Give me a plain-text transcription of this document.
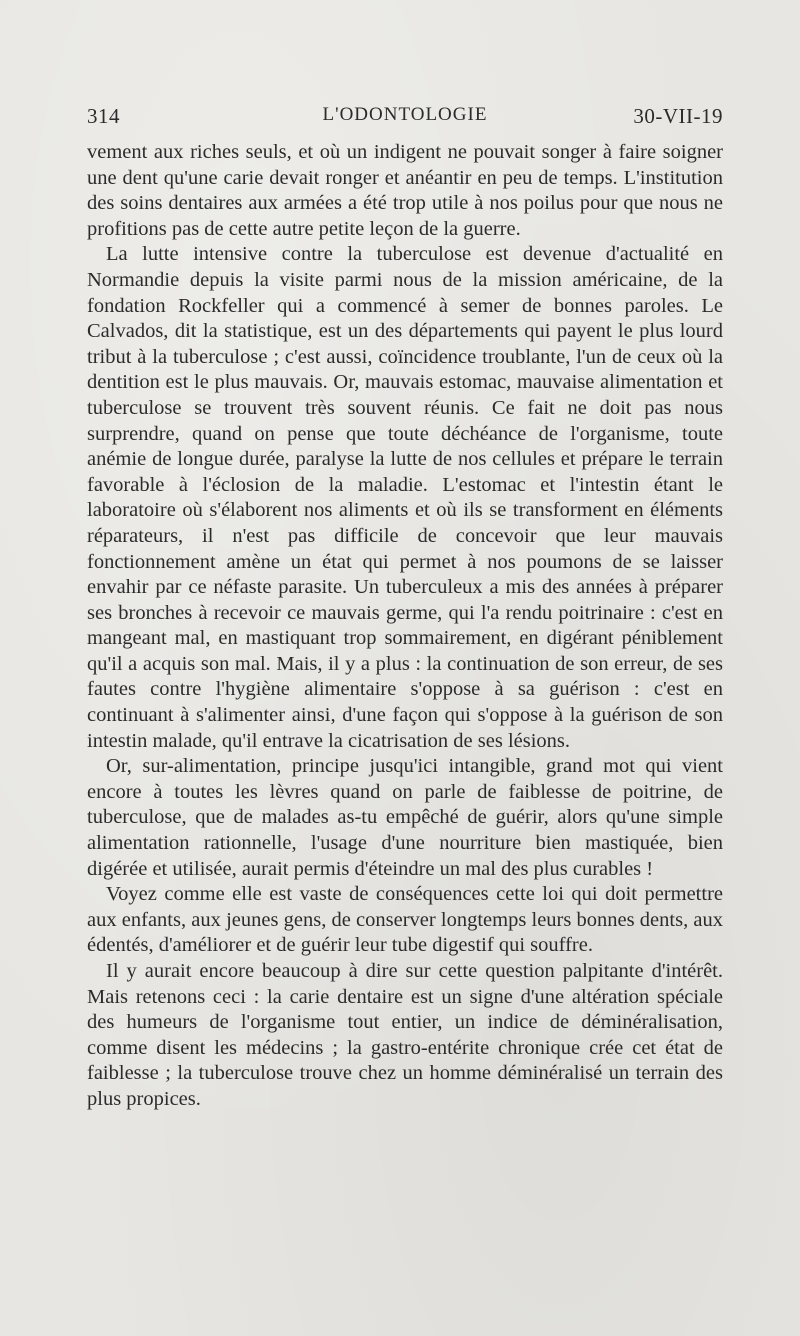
314	L'ODONTOLOGIE	30-VII-19

vement aux riches seuls, et où un indigent ne pouvait songer à faire soigner une dent qu'une carie devait ronger et anéantir en peu de temps. L'institution des soins dentaires aux armées a été trop utile à nos poilus pour que nous ne profitions pas de cette autre petite leçon de la guerre.

La lutte intensive contre la tuberculose est devenue d'actualité en Normandie depuis la visite parmi nous de la mission américaine, de la fondation Rockfeller qui a commencé à semer de bonnes paroles. Le Calvados, dit la statistique, est un des départements qui payent le plus lourd tribut à la tuberculose ; c'est aussi, coïncidence troublante, l'un de ceux où la dentition est le plus mauvais. Or, mauvais estomac, mauvaise alimentation et tuberculose se trouvent très souvent réunis. Ce fait ne doit pas nous surprendre, quand on pense que toute déchéance de l'organisme, toute anémie de longue durée, paralyse la lutte de nos cellules et prépare le terrain favorable à l'éclosion de la maladie. L'estomac et l'intestin étant le laboratoire où s'élaborent nos aliments et où ils se transforment en éléments réparateurs, il n'est pas difficile de concevoir que leur mauvais fonctionnement amène un état qui permet à nos poumons de se laisser envahir par ce néfaste parasite. Un tuberculeux a mis des années à préparer ses bronches à recevoir ce mauvais germe, qui l'a rendu poitrinaire : c'est en mangeant mal, en mastiquant trop sommairement, en digérant péniblement qu'il a acquis son mal. Mais, il y a plus : la continuation de son erreur, de ses fautes contre l'hygiène alimentaire s'oppose à sa guérison : c'est en continuant à s'alimenter ainsi, d'une façon qui s'oppose à la guérison de son intestin malade, qu'il entrave la cicatrisation de ses lésions.

Or, sur-alimentation, principe jusqu'ici intangible, grand mot qui vient encore à toutes les lèvres quand on parle de faiblesse de poitrine, de tuberculose, que de malades as-tu empêché de guérir, alors qu'une simple alimentation rationnelle, l'usage d'une nourriture bien mastiquée, bien digérée et utilisée, aurait permis d'éteindre un mal des plus curables !

Voyez comme elle est vaste de conséquences cette loi qui doit permettre aux enfants, aux jeunes gens, de conserver longtemps leurs bonnes dents, aux édentés, d'améliorer et de guérir leur tube digestif qui souffre.

Il y aurait encore beaucoup à dire sur cette question palpitante d'intérêt. Mais retenons ceci : la carie dentaire est un signe d'une altération spéciale des humeurs de l'organisme tout entier, un indice de déminéralisation, comme disent les médecins ; la gastro-entérite chronique crée cet état de faiblesse ; la tuberculose trouve chez un homme déminéralisé un terrain des plus propices.
